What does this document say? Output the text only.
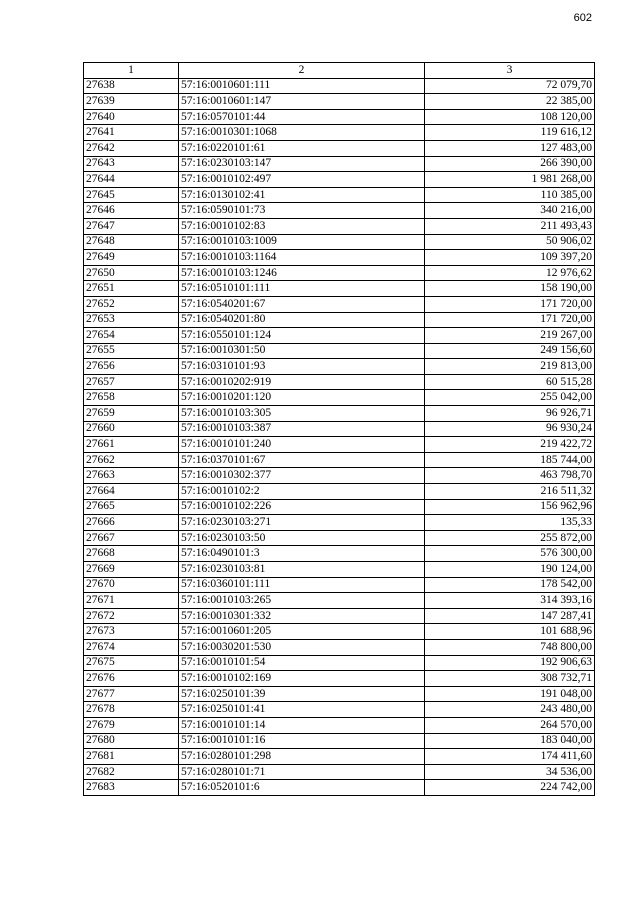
602
1	2	3
27638	57:16:0010601:111	72 079,70
27639	57:16:0010601:147	22 385,00
27640	57:16:0570101:44	108 120,00
27641	57:16:0010301:1068	119 616,12
27642	57:16:0220101:61	127 483,00
27643	57:16:0230103:147	266 390,00
27644	57:16:0010102:497	1 981 268,00
27645	57:16:0130102:41	110 385,00
27646	57:16:0590101:73	340 216,00
27647	57:16:0010102:83	211 493,43
27648	57:16:0010103:1009	50 906,02
27649	57:16:0010103:1164	109 397,20
27650	57:16:0010103:1246	12 976,62
27651	57:16:0510101:111	158 190,00
27652	57:16:0540201:67	171 720,00
27653	57:16:0540201:80	171 720,00
27654	57:16:0550101:124	219 267,00
27655	57:16:0010301:50	249 156,60
27656	57:16:0310101:93	219 813,00
27657	57:16:0010202:919	60 515,28
27658	57:16:0010201:120	255 042,00
27659	57:16:0010103:305	96 926,71
27660	57:16:0010103:387	96 930,24
27661	57:16:0010101:240	219 422,72
27662	57:16:0370101:67	185 744,00
27663	57:16:0010302:377	463 798,70
27664	57:16:0010102:2	216 511,32
27665	57:16:0010102:226	156 962,96
27666	57:16:0230103:271	135,33
27667	57:16:0230103:50	255 872,00
27668	57:16:0490101:3	576 300,00
27669	57:16:0230103:81	190 124,00
27670	57:16:0360101:111	178 542,00
27671	57:16:0010103:265	314 393,16
27672	57:16:0010301:332	147 287,41
27673	57:16:0010601:205	101 688,96
27674	57:16:0030201:530	748 800,00
27675	57:16:0010101:54	192 906,63
27676	57:16:0010102:169	308 732,71
27677	57:16:0250101:39	191 048,00
27678	57:16:0250101:41	243 480,00
27679	57:16:0010101:14	264 570,00
27680	57:16:0010101:16	183 040,00
27681	57:16:0280101:298	174 411,60
27682	57:16:0280101:71	34 536,00
27683	57:16:0520101:6	224 742,00
